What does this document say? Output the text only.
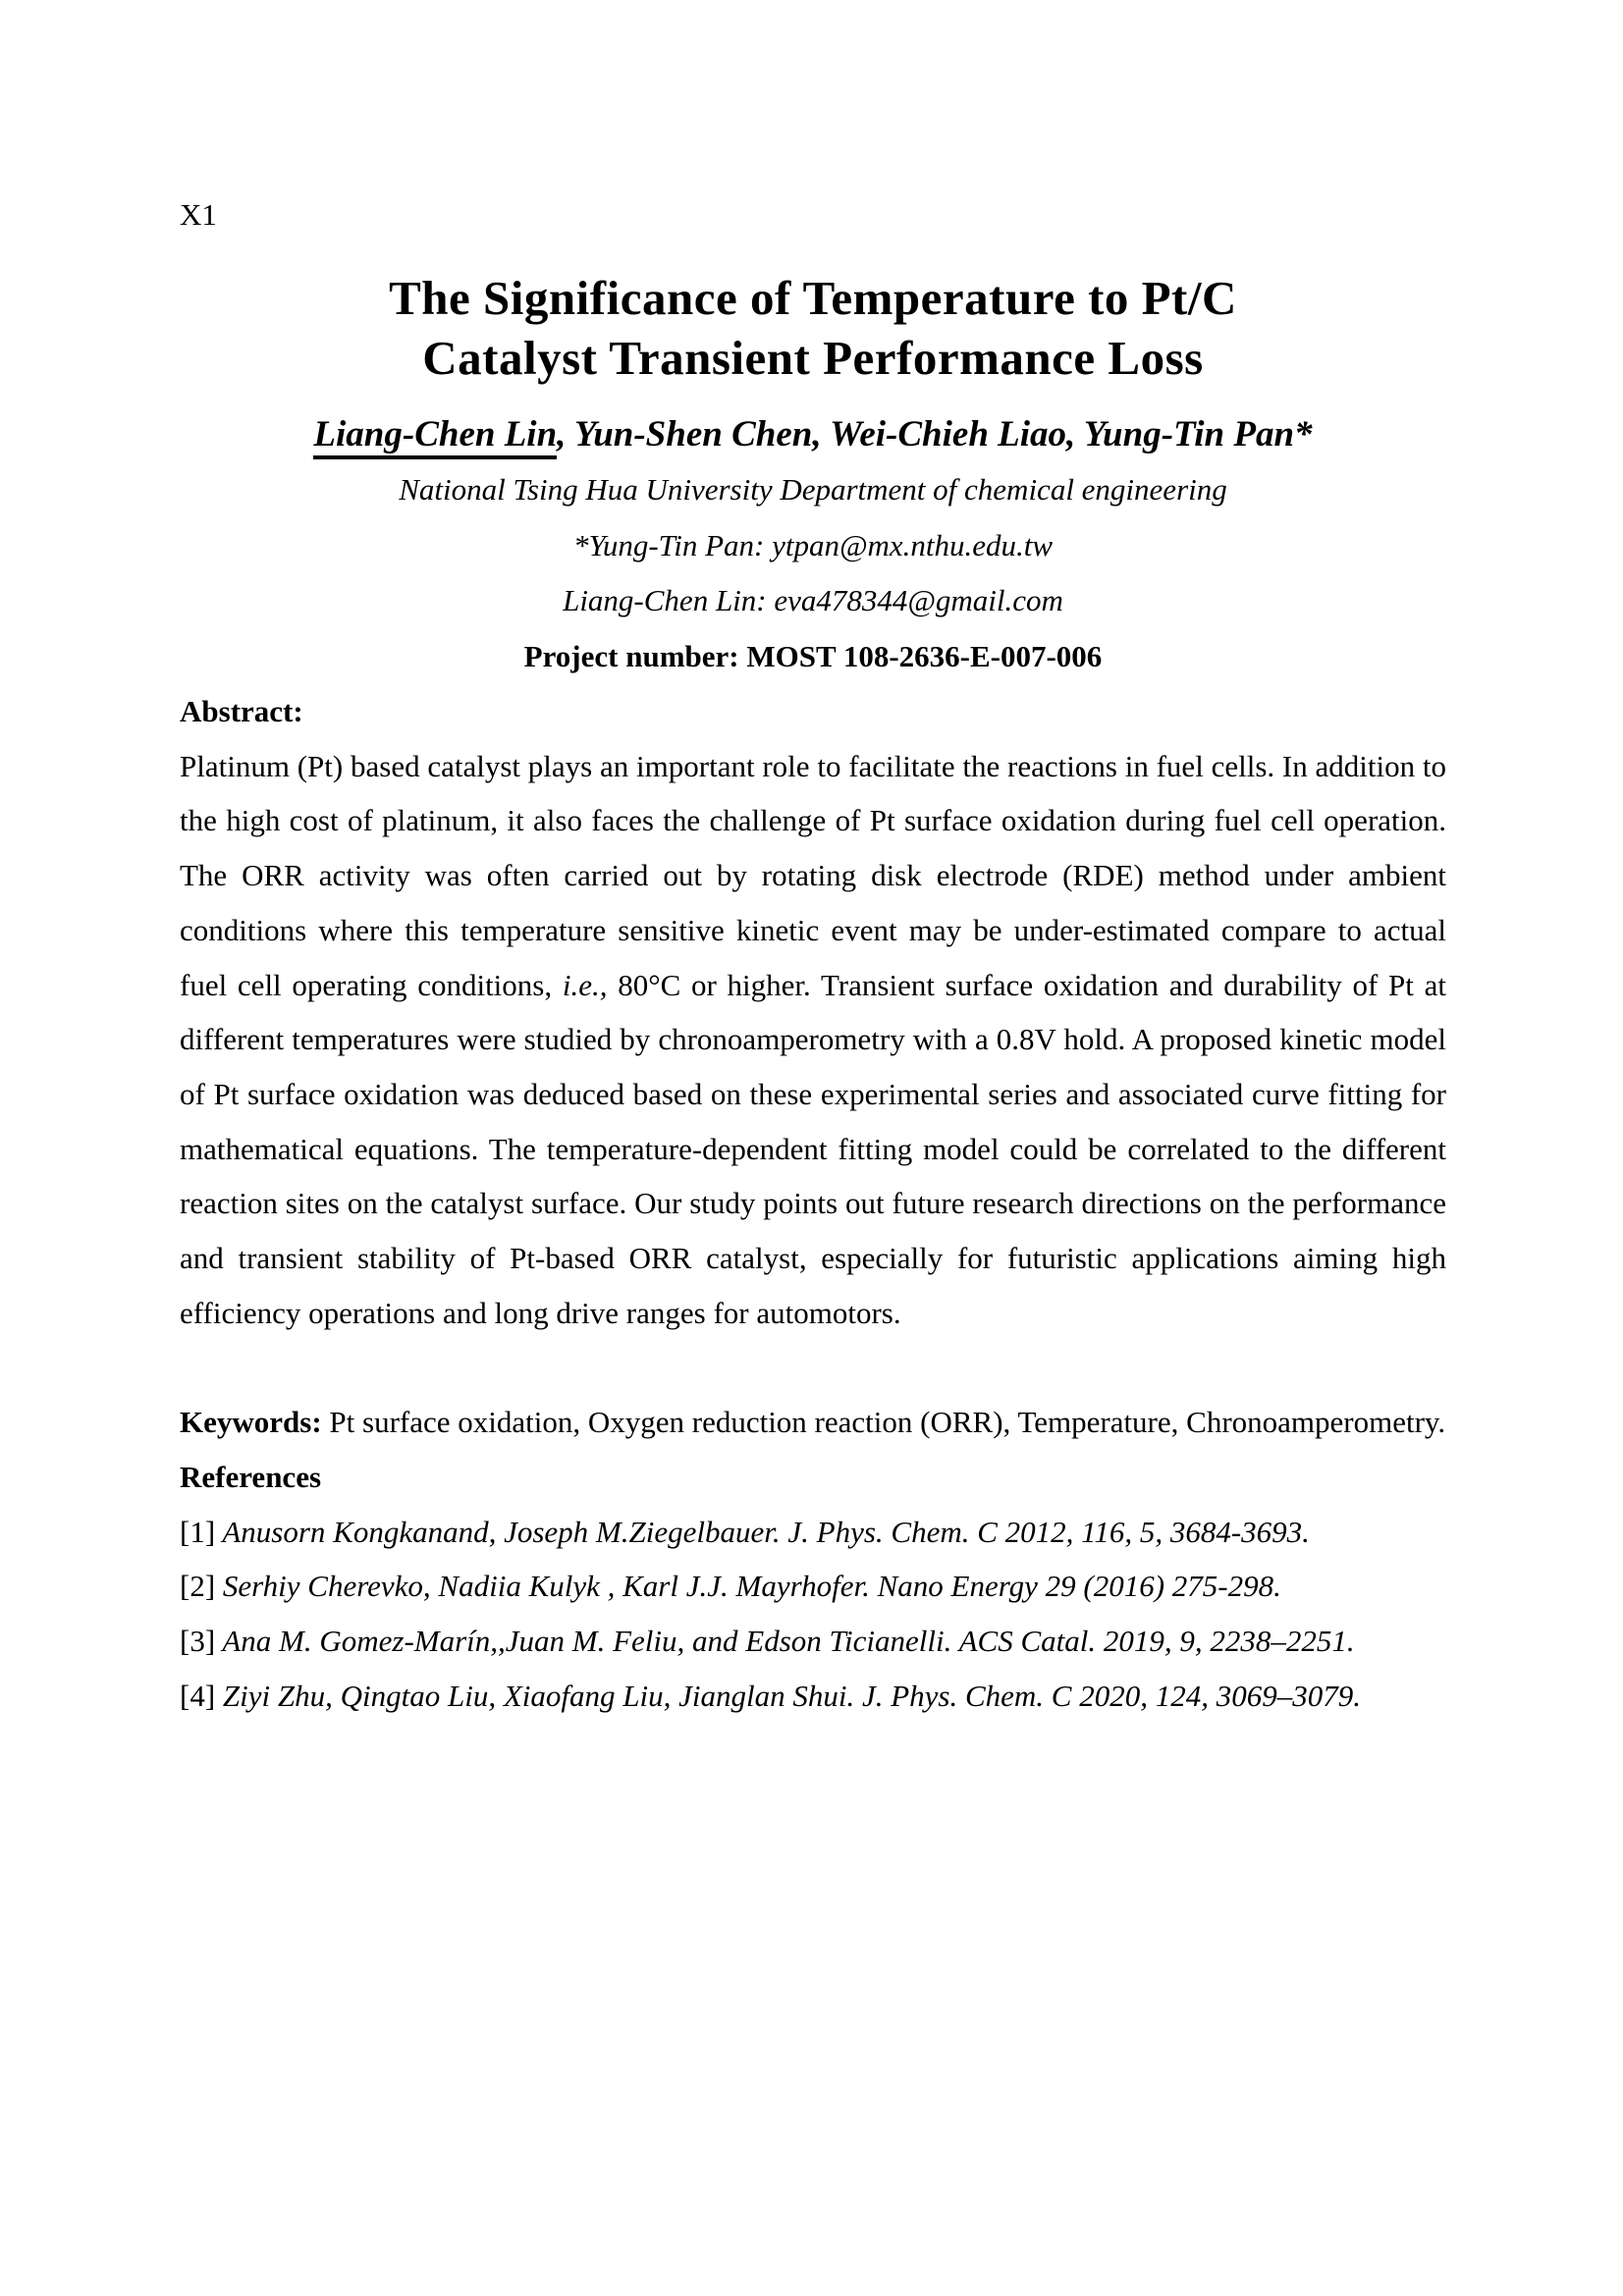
X1
The Significance of Temperature to Pt/C
Catalyst Transient Performance Loss
Liang-Chen Lin, Yun-Shen Chen, Wei-Chieh Liao, Yung-Tin Pan*
National Tsing Hua University Department of chemical engineering
*Yung-Tin Pan: ytpan@mx.nthu.edu.tw
Liang-Chen Lin: eva478344@gmail.com
Project number: MOST 108-2636-E-007-006
Abstract:

Platinum (Pt) based catalyst plays an important role to facilitate the reactions in fuel cells. In addition to the high cost of platinum, it also faces the challenge of Pt surface oxidation during fuel cell operation. The ORR activity was often carried out by rotating disk electrode (RDE) method under ambient conditions where this temperature sensitive kinetic event may be under-estimated compare to actual fuel cell operating conditions, i.e., 80°C or higher. Transient surface oxidation and durability of Pt at different temperatures were studied by chronoamperometry with a 0.8V hold. A proposed kinetic model of Pt surface oxidation was deduced based on these experimental series and associated curve fitting for mathematical equations. The temperature-dependent fitting model could be correlated to the different reaction sites on the catalyst surface. Our study points out future research directions on the performance and transient stability of Pt-based ORR catalyst, especially for futuristic applications aiming high efficiency operations and long drive ranges for automotors.

Keywords: Pt surface oxidation, Oxygen reduction reaction (ORR), Temperature, Chronoamperometry.

References

[1] Anusorn Kongkanand, Joseph M.Ziegelbauer. J. Phys. Chem. C 2012, 116, 5, 3684-3693.

[2] Serhiy Cherevko, Nadiia Kulyk , Karl J.J. Mayrhofer. Nano Energy 29 (2016) 275-298.

[3] Ana M. Gomez-Marín,,Juan M. Feliu, and Edson Ticianelli. ACS Catal. 2019, 9, 2238–2251.

[4] Ziyi Zhu, Qingtao Liu, Xiaofang Liu, Jianglan Shui. J. Phys. Chem. C 2020, 124, 3069–3079.
